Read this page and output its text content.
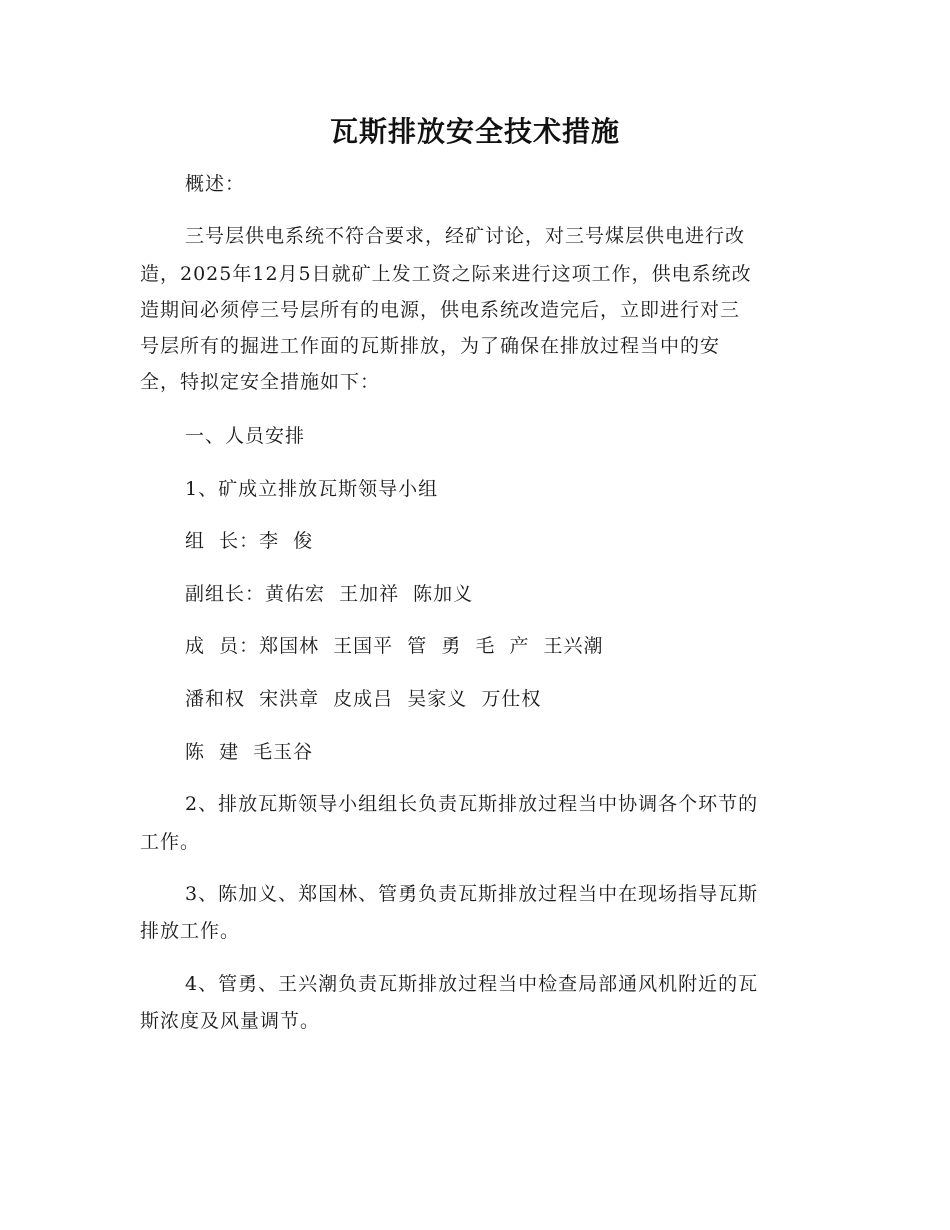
瓦斯排放安全技术措施
概述：
三号层供电系统不符合要求，经矿讨论，对三号煤层供电进行改
造，2025年12月5日就矿上发工资之际来进行这项工作，供电系统改
造期间必须停三号层所有的电源，供电系统改造完后，立即进行对三
号层所有的掘进工作面的瓦斯排放，为了确保在排放过程当中的安
全，特拟定安全措施如下：
一、人员安排
1、矿成立排放瓦斯领导小组
组  长：李  俊
副组长：黄佑宏  王加祥  陈加义
成  员：郑国林  王国平  管  勇  毛  产  王兴潮
潘和权  宋洪章  皮成吕  吴家义  万仕权
陈  建  毛玉谷
2、排放瓦斯领导小组组长负责瓦斯排放过程当中协调各个环节的
工作。
3、陈加义、郑国林、管勇负责瓦斯排放过程当中在现场指导瓦斯
排放工作。
4、管勇、王兴潮负责瓦斯排放过程当中检查局部通风机附近的瓦
斯浓度及风量调节。
